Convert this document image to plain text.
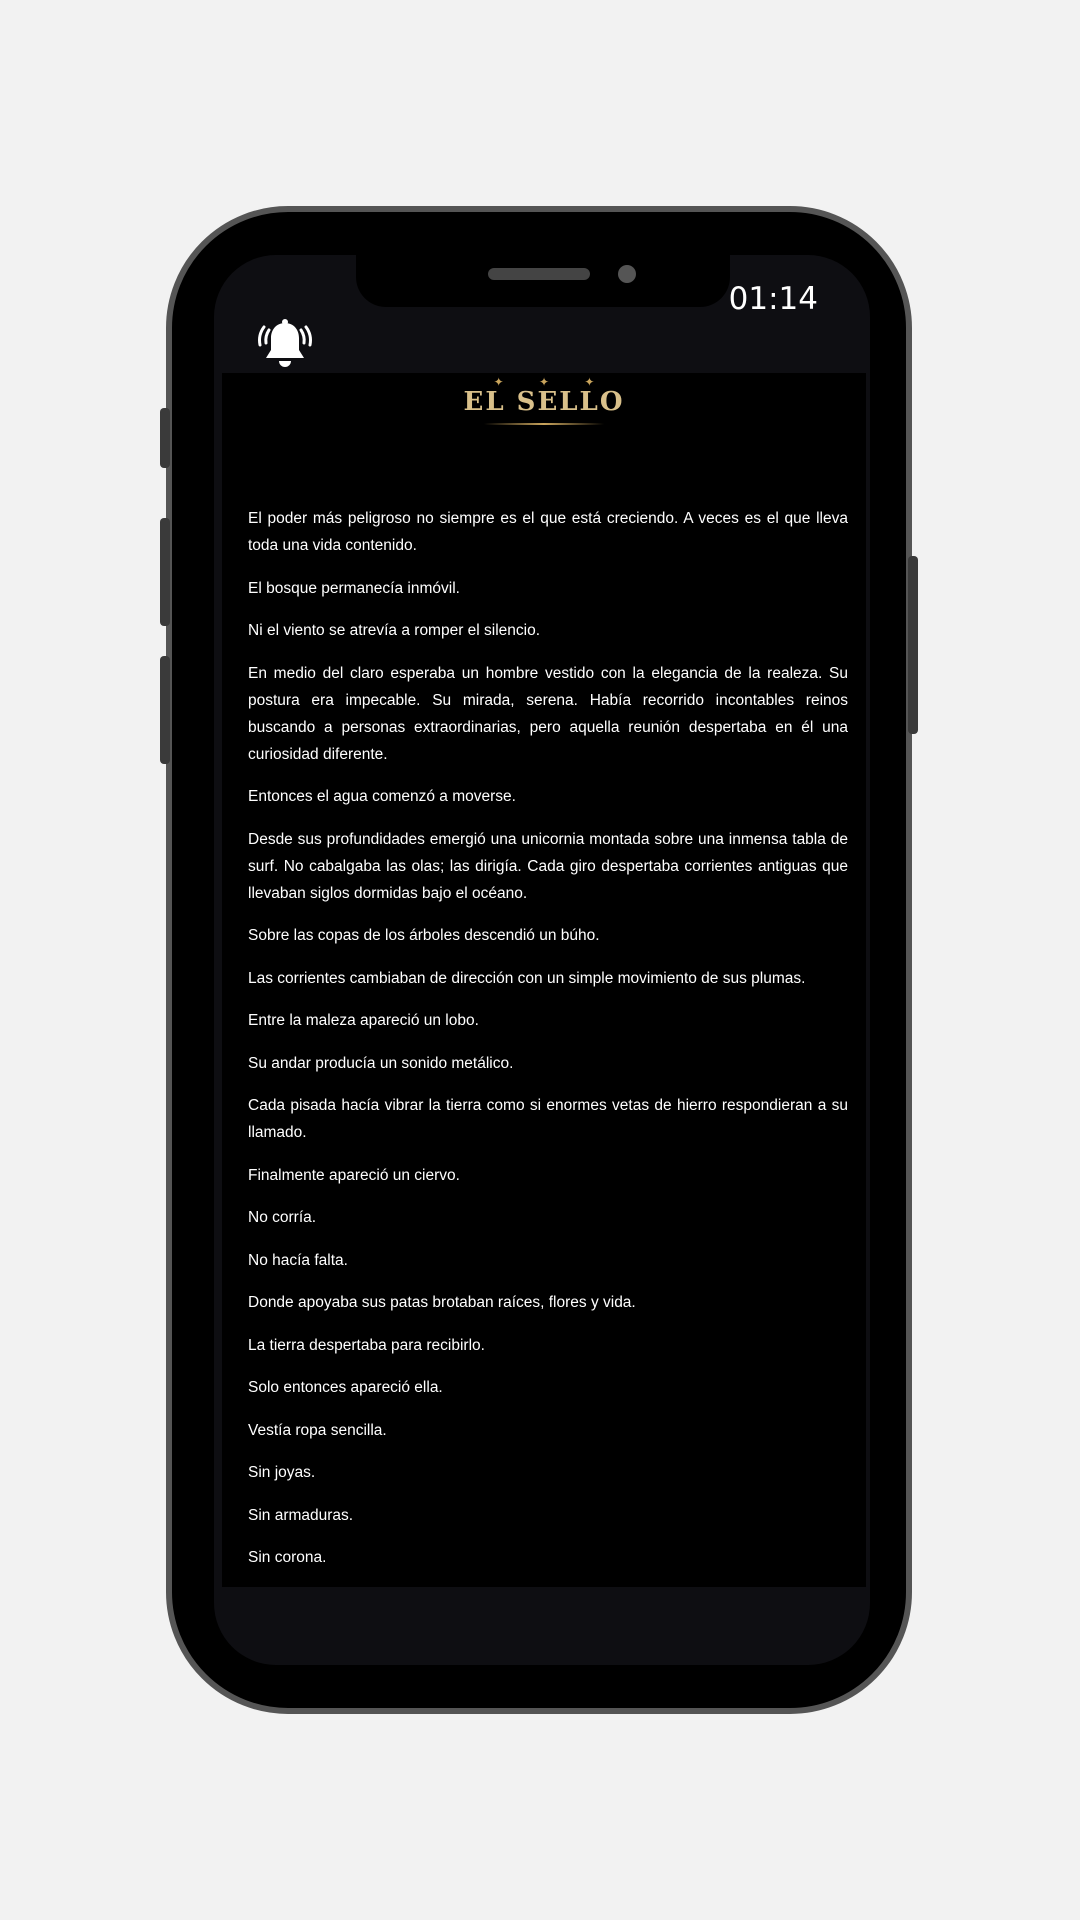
01:14
✦ ✦ ✦
EL SELLO

El poder más peligroso no siempre es el que está creciendo. A veces es el que lleva toda una vida contenido.

El bosque permanecía inmóvil.

Ni el viento se atrevía a romper el silencio.

En medio del claro esperaba un hombre vestido con la elegancia de la realeza. Su postura era impecable. Su mirada, serena. Había recorrido incontables reinos buscando a personas extraordinarias, pero aquella reunión despertaba en él una curiosidad diferente.

Entonces el agua comenzó a moverse.

Desde sus profundidades emergió una unicornia montada sobre una inmensa tabla de surf. No cabalgaba las olas; las dirigía. Cada giro despertaba corrientes antiguas que llevaban siglos dormidas bajo el océano.

Sobre las copas de los árboles descendió un búho.

Las corrientes cambiaban de dirección con un simple movimiento de sus plumas.

Entre la maleza apareció un lobo.

Su andar producía un sonido metálico.

Cada pisada hacía vibrar la tierra como si enormes vetas de hierro respondieran a su llamado.

Finalmente apareció un ciervo.

No corría.

No hacía falta.

Donde apoyaba sus patas brotaban raíces, flores y vida.

La tierra despertaba para recibirlo.

Solo entonces apareció ella.

Vestía ropa sencilla.

Sin joyas.

Sin armaduras.

Sin corona.
